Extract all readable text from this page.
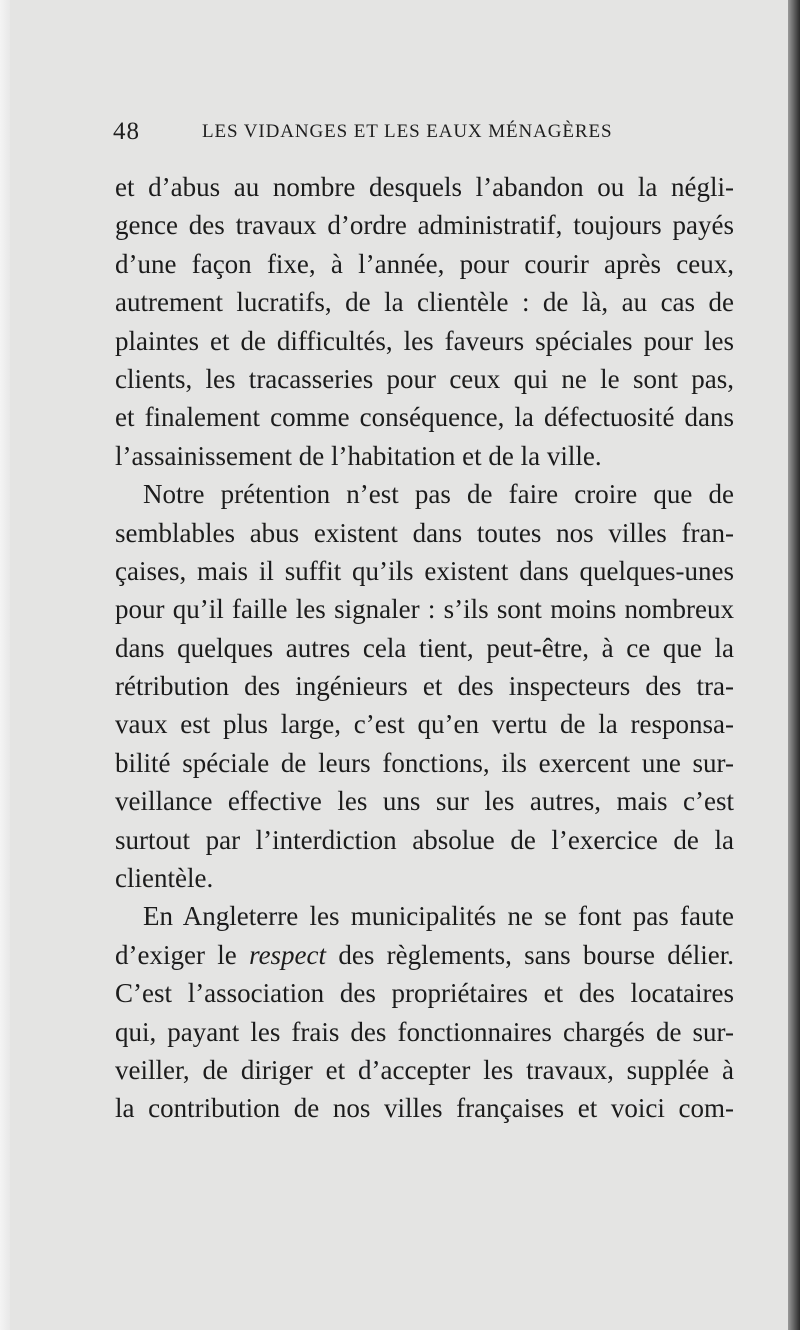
48	LES VIDANGES ET LES EAUX MÉNAGÈRES
et d’abus au nombre desquels l’abandon ou la négli-
gence des travaux d’ordre administratif, toujours payés
d’une façon fixe, à l’année, pour courir après ceux,
autrement lucratifs, de la clientèle : de là, au cas de
plaintes et de difficultés, les faveurs spéciales pour les
clients, les tracasseries pour ceux qui ne le sont pas,
et finalement comme conséquence, la défectuosité dans
l’assainissement de l’habitation et de la ville.
Notre prétention n’est pas de faire croire que de
semblables abus existent dans toutes nos villes fran-
çaises, mais il suffit qu’ils existent dans quelques-unes
pour qu’il faille les signaler : s’ils sont moins nombreux
dans quelques autres cela tient, peut-être, à ce que la
rétribution des ingénieurs et des inspecteurs des tra-
vaux est plus large, c’est qu’en vertu de la responsa-
bilité spéciale de leurs fonctions, ils exercent une sur-
veillance effective les uns sur les autres, mais c’est
surtout par l’interdiction absolue de l’exercice de la
clientèle.
En Angleterre les municipalités ne se font pas faute
d’exiger le respect des règlements, sans bourse délier.
C’est l’association des propriétaires et des locataires
qui, payant les frais des fonctionnaires chargés de sur-
veiller, de diriger et d’accepter les travaux, supplée à
la contribution de nos villes françaises et voici com-
